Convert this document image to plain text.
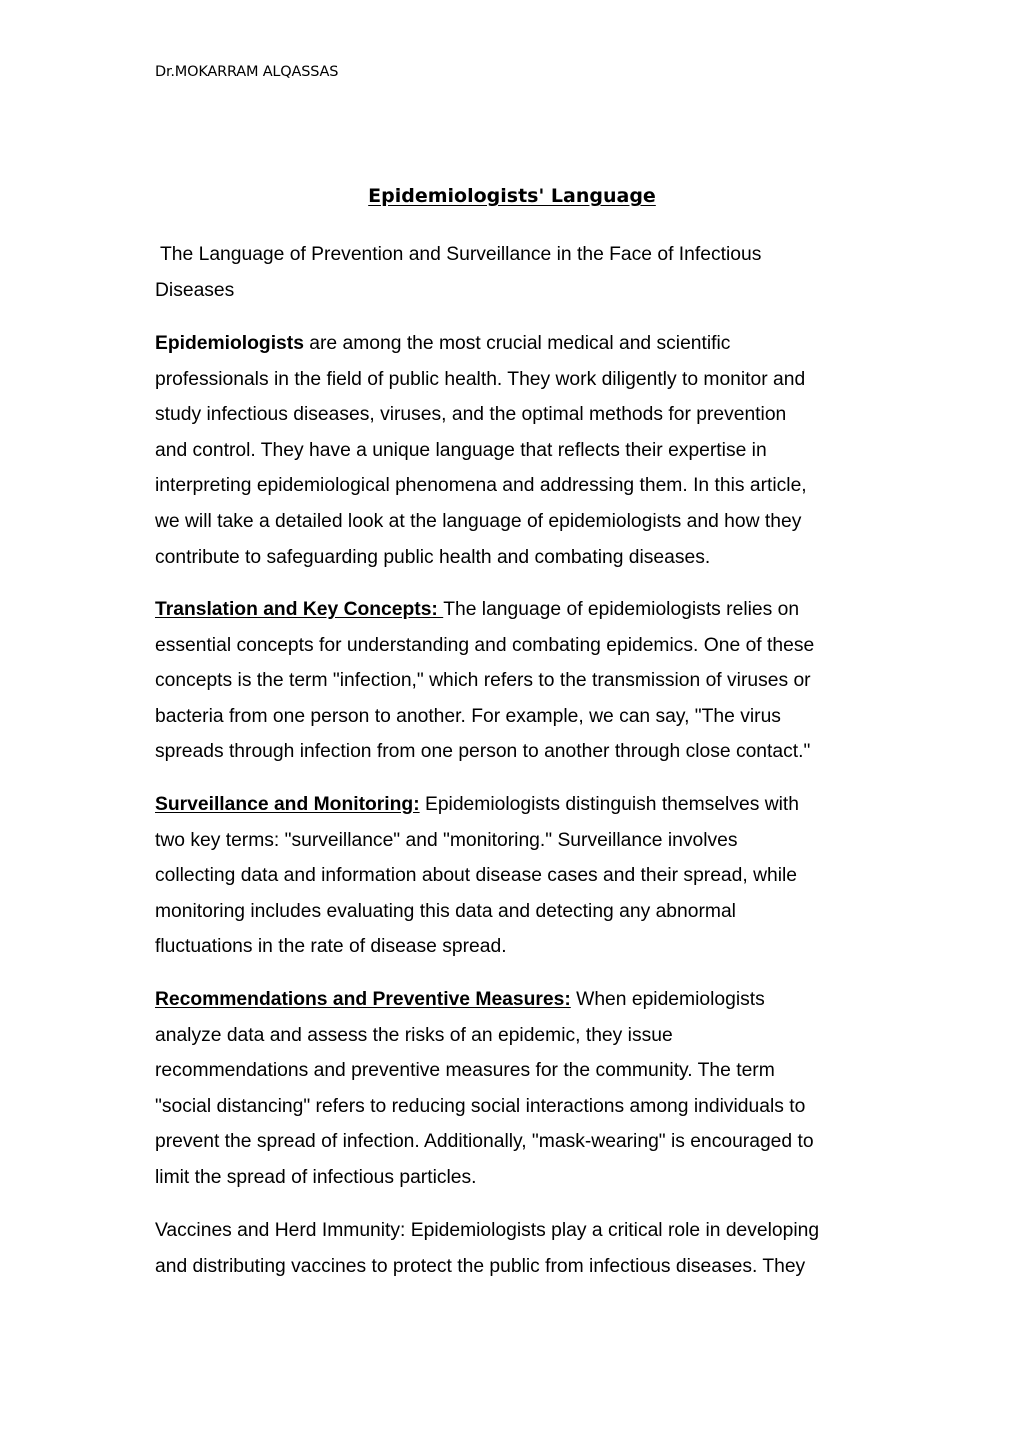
Dr.MOKARRAM ALQASSAS
Epidemiologists' Language
The Language of Prevention and Surveillance in the Face of Infectious
Diseases
Epidemiologists are among the most crucial medical and scientific
professionals in the field of public health. They work diligently to monitor and
study infectious diseases, viruses, and the optimal methods for prevention
and control. They have a unique language that reflects their expertise in
interpreting epidemiological phenomena and addressing them. In this article,
we will take a detailed look at the language of epidemiologists and how they
contribute to safeguarding public health and combating diseases.
Translation and Key Concepts: The language of epidemiologists relies on
essential concepts for understanding and combating epidemics. One of these
concepts is the term "infection," which refers to the transmission of viruses or
bacteria from one person to another. For example, we can say, "The virus
spreads through infection from one person to another through close contact."
Surveillance and Monitoring: Epidemiologists distinguish themselves with
two key terms: "surveillance" and "monitoring." Surveillance involves
collecting data and information about disease cases and their spread, while
monitoring includes evaluating this data and detecting any abnormal
fluctuations in the rate of disease spread.
Recommendations and Preventive Measures: When epidemiologists
analyze data and assess the risks of an epidemic, they issue
recommendations and preventive measures for the community. The term
"social distancing" refers to reducing social interactions among individuals to
prevent the spread of infection. Additionally, "mask-wearing" is encouraged to
limit the spread of infectious particles.
Vaccines and Herd Immunity: Epidemiologists play a critical role in developing
and distributing vaccines to protect the public from infectious diseases. They
